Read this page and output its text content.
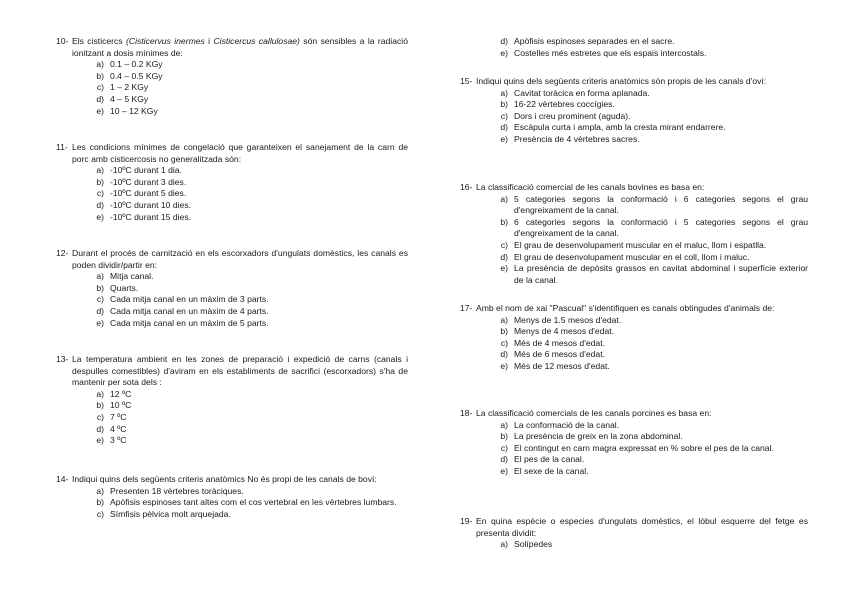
10- Els cisticercs (Cisticervus inermes i Cisticercus callulosae) són sensibles a la radiació ionitzant a dosis mínimes de:
a) 0.1 – 0.2 KGy
b) 0.4 – 0.5 KGy
c) 1 – 2 KGy
d) 4 – 5 KGy
e) 10 – 12 KGy
11- Les condicions mínimes de congelació que garanteixen el sanejament de la carn de porc amb cisticercosis no generalitzada són:
a) -10ºC durant 1 dia.
b) -10ºC durant 3 dies.
c) -10ºC durant 5 dies.
d) -10ºC durant 10 dies.
e) -10ºC durant 15 dies.
12- Durant el procés de carnització en els escorxadors d'ungulats domèstics, les canals es poden dividir/partir en:
a) Mitja canal.
b) Quarts.
c) Cada mitja canal en un màxim de 3 parts.
d) Cada mitja canal en un màxim de 4 parts.
e) Cada mitja canal en un màxim de 5 parts.
13- La temperatura ambient en les zones de preparació i expedició de carns (canals i despulles comestibles) d'aviram en els establiments de sacrifici (escorxadors) s'ha de mantenir per sota dels :
a) 12 ºC
b) 10 ºC
c) 7 ºC
d) 4 ºC
e) 3 ºC
14- Indiqui quins dels següents criteris anatòmics No és propi de les canals de boví:
a) Presenten 18 vèrtebres toràciques.
b) Apòfisis espinoses tant altes com el cos vertebral en les vèrtebres lumbars.
c) Símfisis pèlvica molt arquejada.
d) Apòfisis espinoses separades en el sacre.
e) Costelles més estretes que els espais intercostals.
15- Indiqui quins dels següents criteris anatòmics són propis de les canals d'oví:
a) Cavitat toràcica en forma aplanada.
b) 16-22 vèrtebres coccígies.
c) Dors i creu prominent (aguda).
d) Escàpula curta i ampla, amb la cresta mirant endarrere.
e) Presència de 4 vèrtebres sacres.
16- La classificació comercial de les canals bovines es basa en:
a) 5 categories segons la conformació i 6 categories segons el grau d'engreixament de la canal.
b) 6 categories segons la conformació i 5 categories segons el grau d'engreixament de la canal.
c) El grau de desenvolupament muscular en el maluc, llom i espatlla.
d) El grau de desenvolupament muscular en el coll, llom i maluc.
e) La presència de depòsits grassos en cavitat abdominal i superfície exterior de la canal.
17- Amb el nom de xai "Pascual" s'identifiquen es canals obtingudes d'animals de:
a) Menys de 1.5 mesos d'edat.
b) Menys de 4 mesos d'edat.
c) Més de 4 mesos d'edat.
d) Més de 6 mesos d'edat.
e) Més de 12 mesos d'edat.
18- La classificació comercials de les canals porcines es basa en:
a) La conformació de la canal.
b) La presència de greix en la zona abdominal.
c) El contingut en carn magra expressat en % sobre el pes de la canal.
d) El pes de la canal.
e) El sexe de la canal.
19- En quina espècie o especies d'ungulats domèstics, el lòbul esquerre del fetge es presenta dividit:
a) Solípedes
